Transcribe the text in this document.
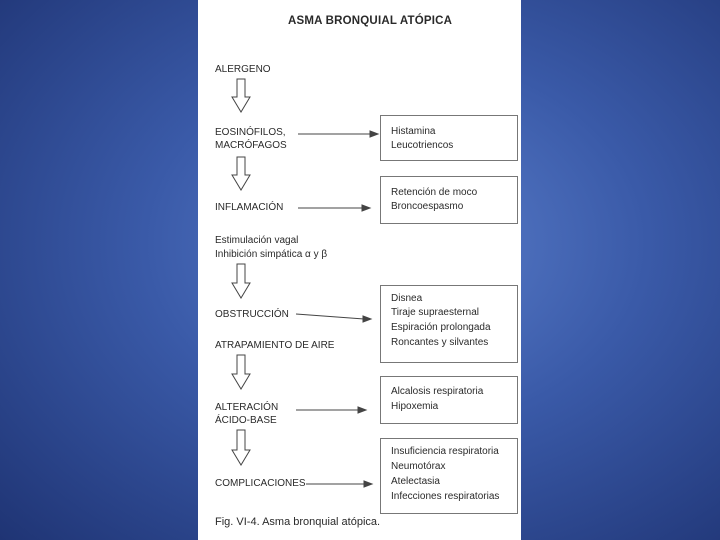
ASMA BRONQUIAL ATÓPICA
ALERGENO
EOSINÓFILOS,
MACRÓFAGOS
INFLAMACIÓN
Estimulación vagal
Inhibición simpática α y β
OBSTRUCCIÓN
ATRAPAMIENTO DE AIRE
ALTERACIÓN
ÁCIDO-BASE
COMPLICACIONES
Histamina
Leucotriencos
Retención de moco
Broncoespasmo
Disnea
Tiraje supraesternal
Espiración prolongada
Roncantes y silvantes
Alcalosis respiratoria
Hipoxemia
Insuficiencia respiratoria
Neumotórax
Atelectasia
Infecciones respiratorias
Fig. VI-4. Asma bronquial atópica.
